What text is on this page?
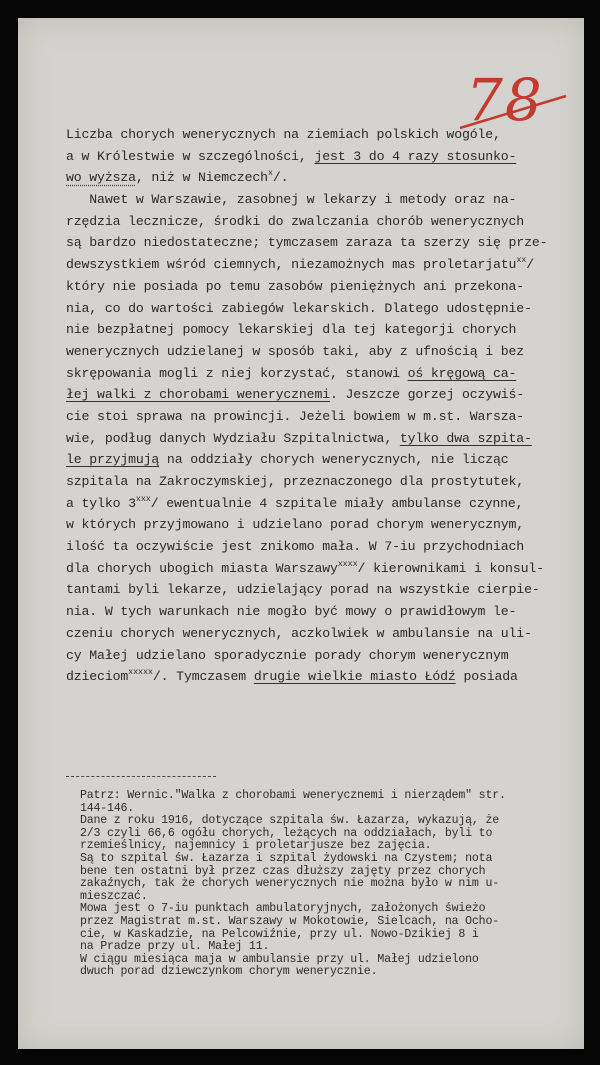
78
Liczba chorych wenerycznych na ziemiach polskich wogóle,
a w Królestwie w szczególności, jest 3 do 4 razy stosunko-
wo wyższa, niż w Niemczech$^x$/.
Nawet w Warszawie, zasobnej w lekarzy i metody oraz na-
rzędzia lecznicze, środki do zwalczania chorób wenerycznych
są bardzo niedostateczne; tymczasem zaraza ta szerzy się prze-
dewszystkiem wśród ciemnych, niezamożnych mas proletarjatu$^{xx}$/
który nie posiada po temu zasobów pieniężnych ani przekona-
nia, co do wartości zabiegów lekarskich. Dlatego udostępnie-
nie bezpłatnej pomocy lekarskiej dla tej kategorji chorych
wenerycznych udzielanej w sposób taki, aby z ufnością i bez
skrępowania mogli z niej korzystać, stanowi oś kręgową ca-
łej walki z chorobami wenerycznemi. Jeszcze gorzej oczywiś-
cie stoi sprawa na prowincji. Jeżeli bowiem w m.st. Warsza-
wie, podług danych Wydziału Szpitalnictwa, tylko dwa szpita-
le przyjmują na oddziały chorych wenerycznych, nie licząc
szpitala na Zakroczymskiej, przeznaczonego dla prostytutek,
a tylko 3$^{xxx}$/ ewentualnie 4 szpitale miały ambulanse czynne,
w których przyjmowano i udzielano porad chorym wenerycznym,
ilość ta oczywiście jest znikomo mała. W 7-iu przychodniach
dla chorych ubogich miasta Warszawy$^{xxxx}$/ kierownikami i konsul-
tantami byli lekarze, udzielający porad na wszystkie cierpie-
nia. W tych warunkach nie mogło być mowy o prawidłowym le-
czeniu chorych wenerycznych, aczkolwiek w ambulansie na uli-
cy Małej udzielano sporadycznie porady chorym wenerycznym
dzieciom$^{xxxxx}$/. Tymczasem drugie wielkie miasto Łódź posiada
Patrz: Wernic."Walka z chorobami wenerycznemi i nierządem" str.
144-146.
Dane z roku 1916, dotyczące szpitala św. Łazarza, wykazują, że
2/3 czyli 66,6 ogółu chorych, leżących na oddziałach, byli to
rzemieślnicy, najemnicy i proletarjusze bez zajęcia.
Są to szpital św. Łazarza i szpital żydowski na Czystem; nota
bene ten ostatni był przez czas dłuższy zajęty przez chorych
zakaźnych, tak że chorych wenerycznych nie można było w nim u-
mieszczać.
Mowa jest o 7-iu punktach ambulatoryjnych, założonych świeżo
przez Magistrat m.st. Warszawy w Mokotowie, Sielcach, na Ocho-
cie, w Kaskadzie, na Pelcowiźnie, przy ul. Nowo-Dzikiej 8 i
na Pradze przy ul. Małej 11.
W ciągu miesiąca maja w ambulansie przy ul. Małej udzielono
dwuch porad dziewczynkom chorym wenerycznie.
